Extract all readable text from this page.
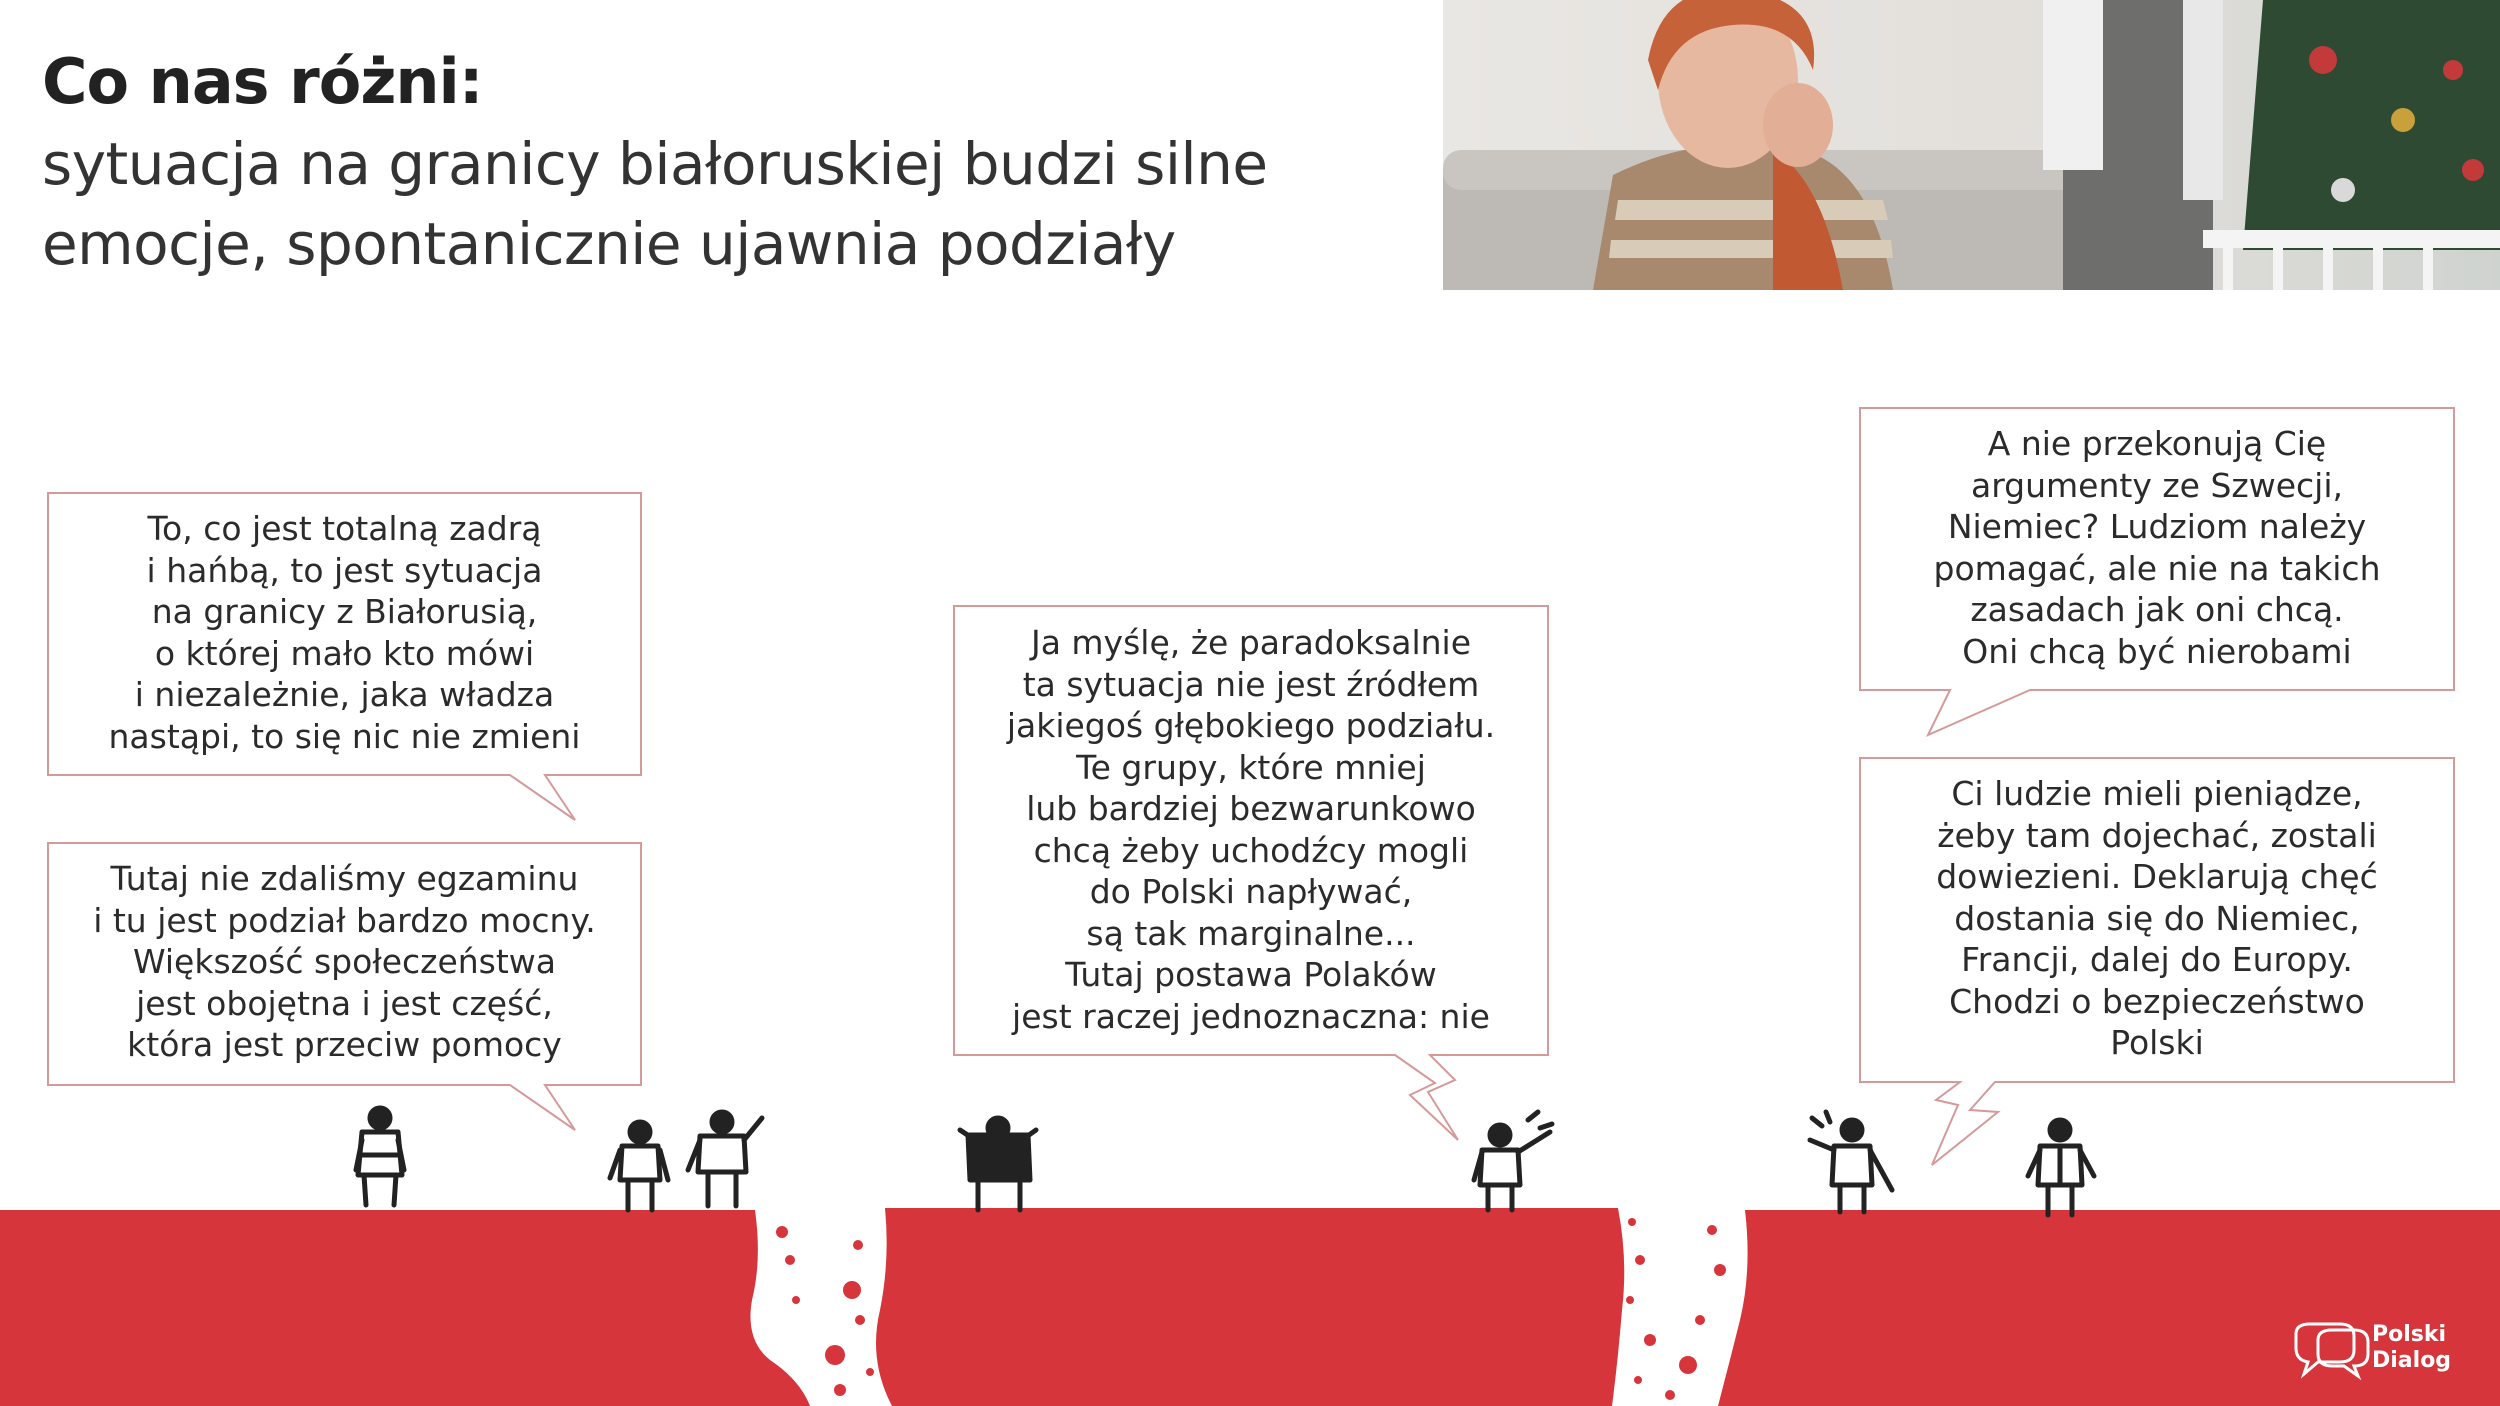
Co nas różni:
sytuacja na granicy białoruskiej budzi silne
emocje, spontanicznie ujawnia podziały
To, co jest totalną zadrą
i hańbą, to jest sytuacja
na granicy z Białorusią,
o której mało kto mówi
i niezależnie, jaka władza
nastąpi, to się nic nie zmieni
Tutaj nie zdaliśmy egzaminu
i tu jest podział bardzo mocny.
Większość społeczeństwa
jest obojętna i jest część,
która jest przeciw pomocy
Ja myślę, że paradoksalnie
ta sytuacja nie jest źródłem
jakiegoś głębokiego podziału.
Te grupy, które mniej
lub bardziej bezwarunkowo
chcą żeby uchodźcy mogli
do Polski napływać,
są tak marginalne...
Tutaj postawa Polaków
jest raczej jednoznaczna: nie
A nie przekonują Cię
argumenty ze Szwecji,
Niemiec? Ludziom należy
pomagać, ale nie na takich
zasadach jak oni chcą.
Oni chcą być nierobami
Ci ludzie mieli pieniądze,
żeby tam dojechać, zostali
dowiezieni. Deklarują chęć
dostania się do Niemiec,
Francji, dalej do Europy.
Chodzi o bezpieczeństwo
Polski
Polski
Dialog
